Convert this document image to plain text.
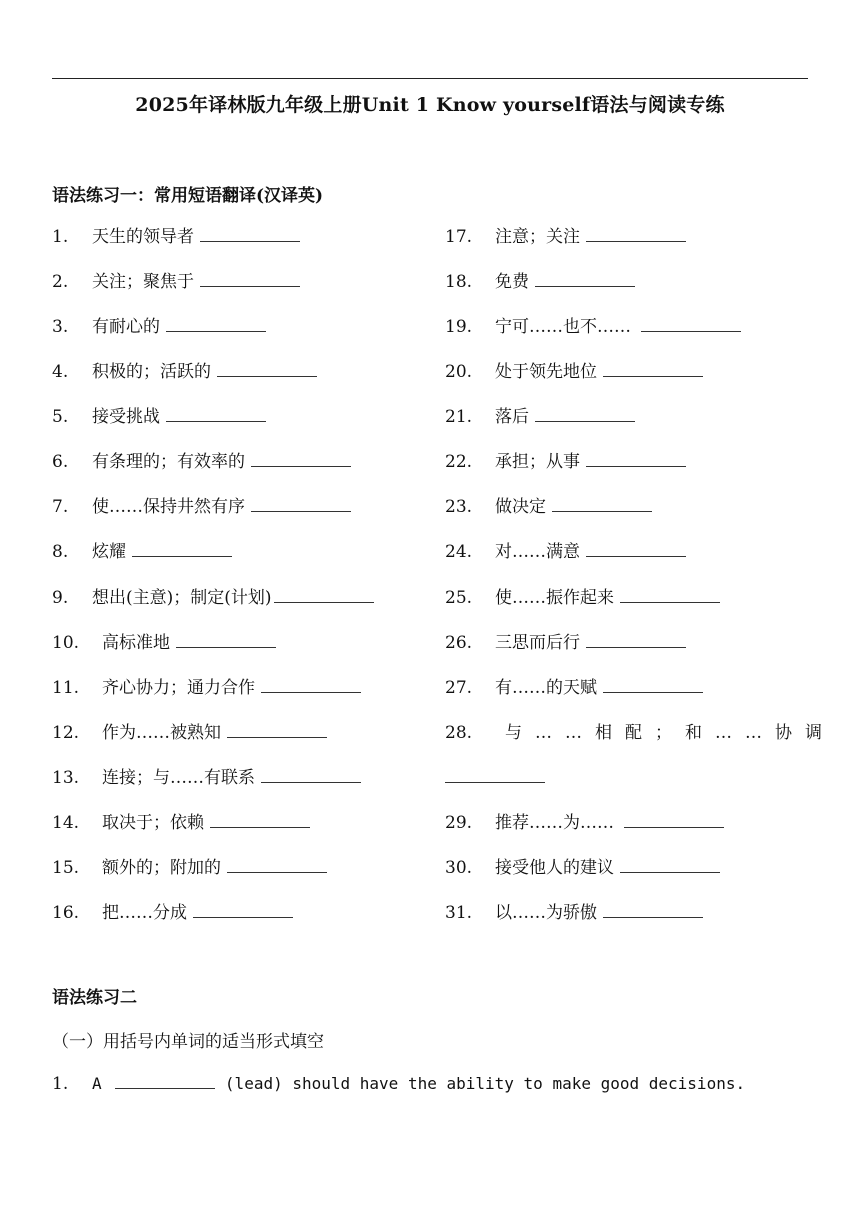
2025年译林版九年级上册Unit 1 Know yourself语法与阅读专练
语法练习一：常用短语翻译(汉译英)
1. 天生的领导者
2. 关注；聚焦于
3. 有耐心的
4. 积极的；活跃的
5. 接受挑战
6. 有条理的；有效率的
7. 使……保持井然有序
8. 炫耀
9. 想出(主意)；制定(计划)
10. 高标准地
11. 齐心协力；通力合作
12. 作为……被熟知
13. 连接；与……有联系
14. 取决于；依赖
15. 额外的；附加的
16. 把……分成
17. 注意；关注
18. 免费
19. 宁可……也不……
20. 处于领先地位
21. 落后
22. 承担；从事
23. 做决定
24. 对……满意
25. 使……振作起来
26. 三思而后行
27. 有……的天赋
28. 与……相配；和……协调
29. 推荐……为……
30. 接受他人的建议
31. 以……为骄傲
语法练习二
（一）用括号内单词的适当形式填空
1. A	(lead) should have the ability to make good decisions.
